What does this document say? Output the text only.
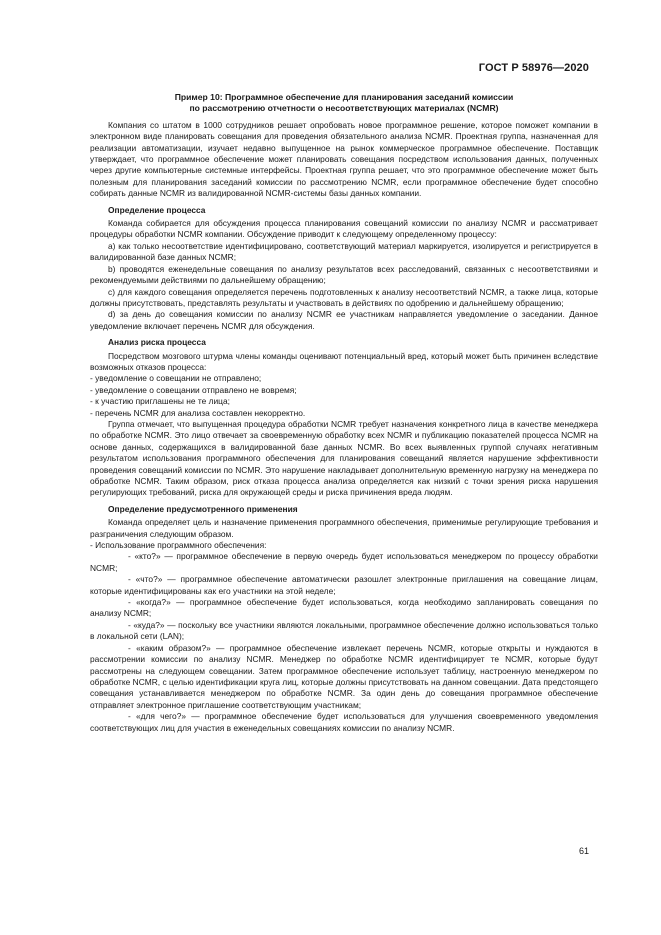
ГОСТ Р 58976—2020
Пример 10: Программное обеспечение для планирования заседаний комиссии
по рассмотрению отчетности о несоответствующих материалах (NCMR)

Компания со штатом в 1000 сотрудников решает опробовать новое программное решение, которое поможет компании в электронном виде планировать совещания для проведения обязательного анализа NCMR. Проектная группа, назначенная для реализации автоматизации, изучает недавно выпущенное на рынок коммерческое программное обеспечение. Поставщик утверждает, что программное обеспечение может планировать совещания посредством использования данных, полученных через другие компьютерные системные интерфейсы. Проектная группа решает, что это программное обеспечение может быть полезным для планирования заседаний комиссии по рассмотрению NCMR, если программное обеспечение будет способно собирать данные NCMR из валидированной NCMR-системы базы данных компании.

Определение процесса

Команда собирается для обсуждения процесса планирования совещаний комиссии по анализу NCMR и рассматривает процедуры обработки NCMR компании. Обсуждение приводит к следующему определенному процессу:

a) как только несоответствие идентифицировано, соответствующий материал маркируется, изолируется и регистрируется в валидированной базе данных NCMR;

b) проводятся еженедельные совещания по анализу результатов всех расследований, связанных с несоответствиями и рекомендуемыми действиями по дальнейшему обращению;

c) для каждого совещания определяется перечень подготовленных к анализу несоответствий NCMR, а также лица, которые должны присутствовать, представлять результаты и участвовать в действиях по одобрению и дальнейшему обращению;

d) за день до совещания комиссии по анализу NCMR ее участникам направляется уведомление о заседании. Данное уведомление включает перечень NCMR для обсуждения.

Анализ риска процесса

Посредством мозгового штурма члены команды оценивают потенциальный вред, который может быть причинен вследствие возможных отказов процесса:

- уведомление о совещании не отправлено;

- уведомление о совещании отправлено не вовремя;

- к участию приглашены не те лица;

- перечень NCMR для анализа составлен некорректно.

Группа отмечает, что выпущенная процедура обработки NCMR требует назначения конкретного лица в качестве менеджера по обработке NCMR. Это лицо отвечает за своевременную обработку всех NCMR и публикацию показателей процесса NCMR на основе данных, содержащихся в валидированной базе данных NCMR. Во всех выявленных группой случаях негативным результатом использования программного обеспечения для планирования совещаний является нарушение эффективности проведения совещаний комиссии по NCMR. Это нарушение накладывает дополнительную временную нагрузку на менеджера по обработке NCMR. Таким образом, риск отказа процесса анализа определяется как низкий с точки зрения риска нарушения регулирующих требований, риска для окружающей среды и риска причинения вреда людям.

Определение предусмотренного применения

Команда определяет цель и назначение применения программного обеспечения, применимые регулирующие требования и разграничения следующим образом.

- Использование программного обеспечения:

- «кто?» — программное обеспечение в первую очередь будет использоваться менеджером по процессу обработки NCMR;

- «что?» — программное обеспечение автоматически разошлет электронные приглашения на совещание лицам, которые идентифицированы как его участники на этой неделе;

- «когда?» — программное обеспечение будет использоваться, когда необходимо запланировать совещания по анализу NCMR;

- «куда?» — поскольку все участники являются локальными, программное обеспечение должно использоваться только в локальной сети (LAN);

- «каким образом?» — программное обеспечение извлекает перечень NCMR, которые открыты и нуждаются в рассмотрении комиссии по анализу NCMR. Менеджер по обработке NCMR идентифицирует те NCMR, которые будут рассмотрены на следующем совещании. Затем программное обеспечение использует таблицу, настроенную менеджером по обработке NCMR, с целью идентификации круга лиц, которые должны присутствовать на данном совещании. Дата предстоящего совещания устанавливается менеджером по обработке NCMR. За один день до совещания программное обеспечение отправляет электронное приглашение соответствующим участникам;

- «для чего?» — программное обеспечение будет использоваться для улучшения своевременного уведомления соответствующих лиц для участия в еженедельных совещаниях комиссии по анализу NCMR.

61
